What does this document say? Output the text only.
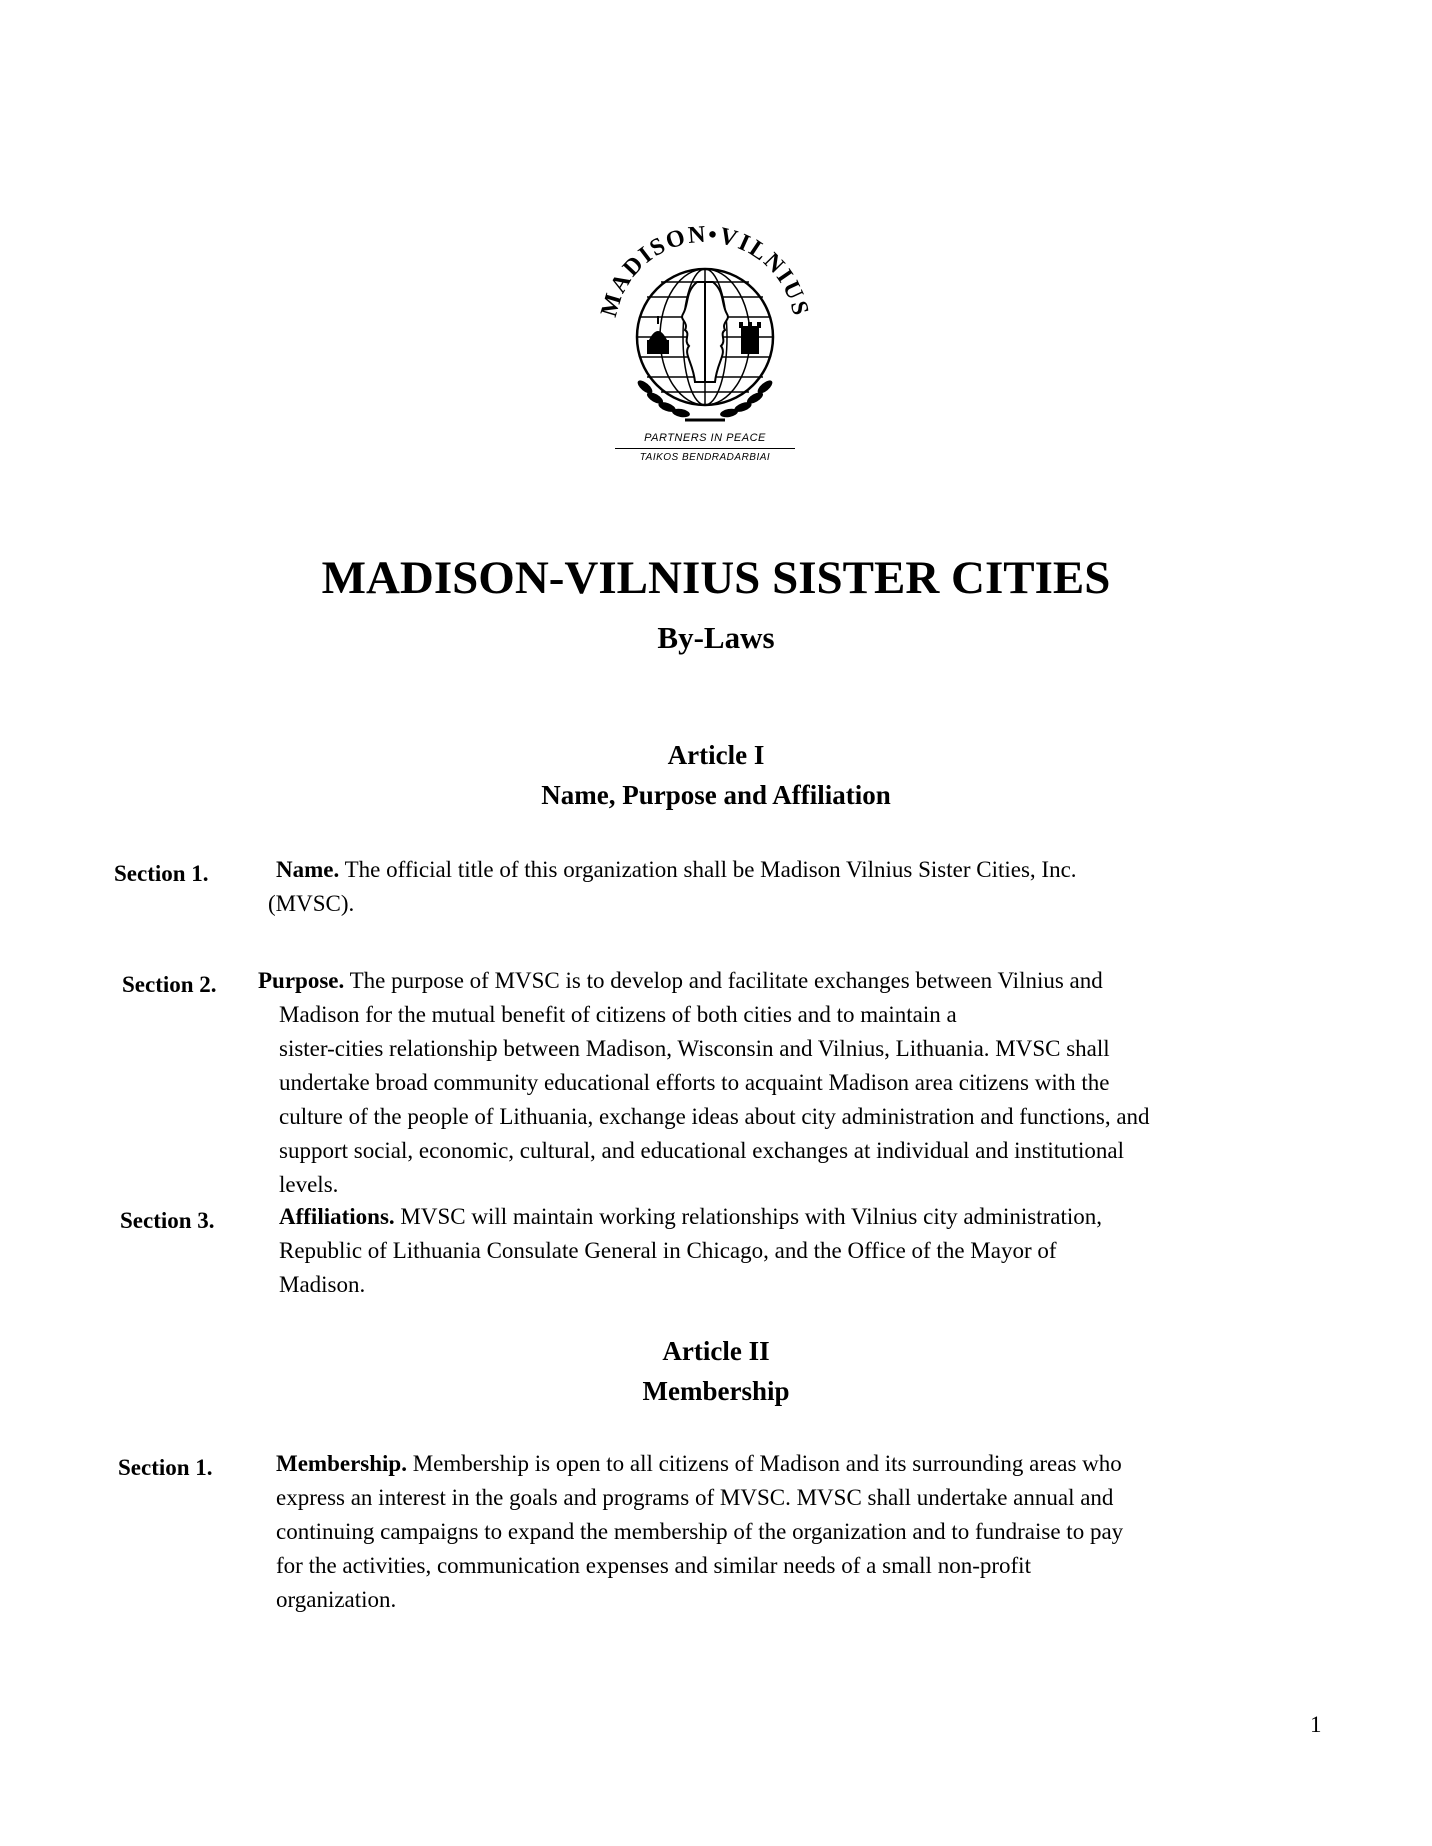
MADISON•VILNIUS
PARTNERS IN PEACE
TAIKOS BENDRADARBIAI
MADISON-VILNIUS SISTER CITIES
By-Laws
Article I
Name, Purpose and Affiliation
Section 1.	Name. The official title of this organization shall be Madison Vilnius Sister Cities, Inc.
(MVSC).
Section 2. Purpose. The purpose of MVSC is to develop and facilitate exchanges between Vilnius and
Madison for the mutual benefit of citizens of both cities and to maintain a
sister-cities relationship between Madison, Wisconsin and Vilnius, Lithuania. MVSC shall
undertake broad community educational efforts to acquaint Madison area citizens with the
culture of the people of Lithuania, exchange ideas about city administration and functions, and
support social, economic, cultural, and educational exchanges at individual and institutional
levels.
Section 3.	Affiliations. MVSC will maintain working relationships with Vilnius city administration,
Republic of Lithuania Consulate General in Chicago, and the Office of the Mayor of
Madison.
Article II
Membership
Section 1.	Membership. Membership is open to all citizens of Madison and its surrounding areas who
express an interest in the goals and programs of MVSC. MVSC shall undertake annual and
continuing campaigns to expand the membership of the organization and to fundraise to pay
for the activities, communication expenses and similar needs of a small non-profit
organization.
1
